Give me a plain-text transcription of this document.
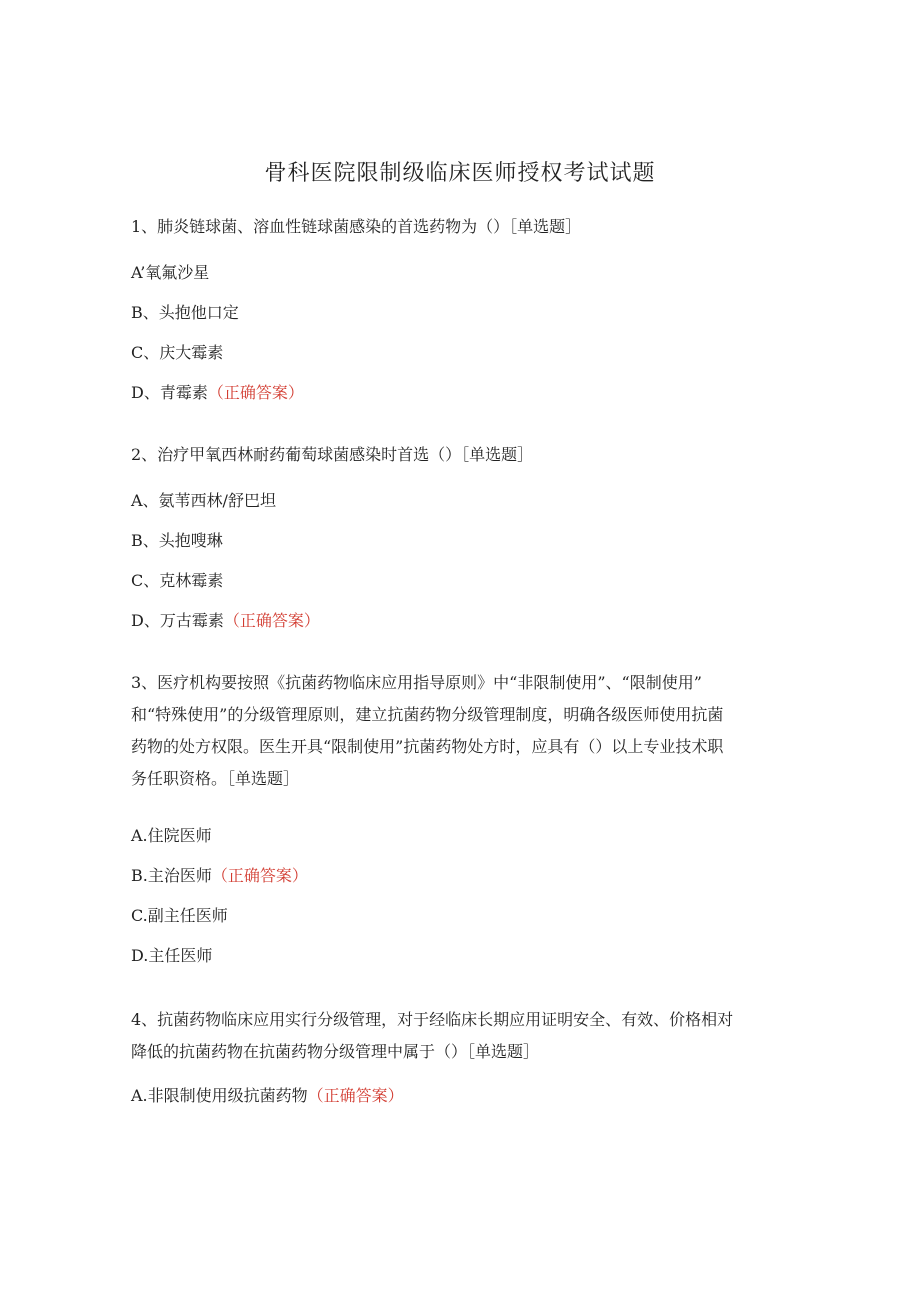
骨科医院限制级临床医师授权考试试题
1、肺炎链球菌、溶血性链球菌感染的首选药物为（）［单选题］
A’氧氟沙星
B、头抱他口定
C、庆大霉素
D、青霉素（正确答案）
2、治疗甲氧西林耐药葡萄球菌感染时首选（）［单选题］
A、氨苇西林/舒巴坦
B、头抱嗖琳
C、克林霉素
D、万古霉素（正确答案）
3、医疗机构要按照《抗菌药物临床应用指导原则》中“非限制使用”、“限制使用”
和“特殊使用”的分级管理原则，建立抗菌药物分级管理制度，明确各级医师使用抗菌
药物的处方权限。医生开具“限制使用”抗菌药物处方时，应具有（）以上专业技术职
务任职资格。［单选题］
A.住院医师
B.主治医师（正确答案）
C.副主任医师
D.主任医师
4、抗菌药物临床应用实行分级管理，对于经临床长期应用证明安全、有效、价格相对
降低的抗菌药物在抗菌药物分级管理中属于（）［单选题］
A.非限制使用级抗菌药物（正确答案）
